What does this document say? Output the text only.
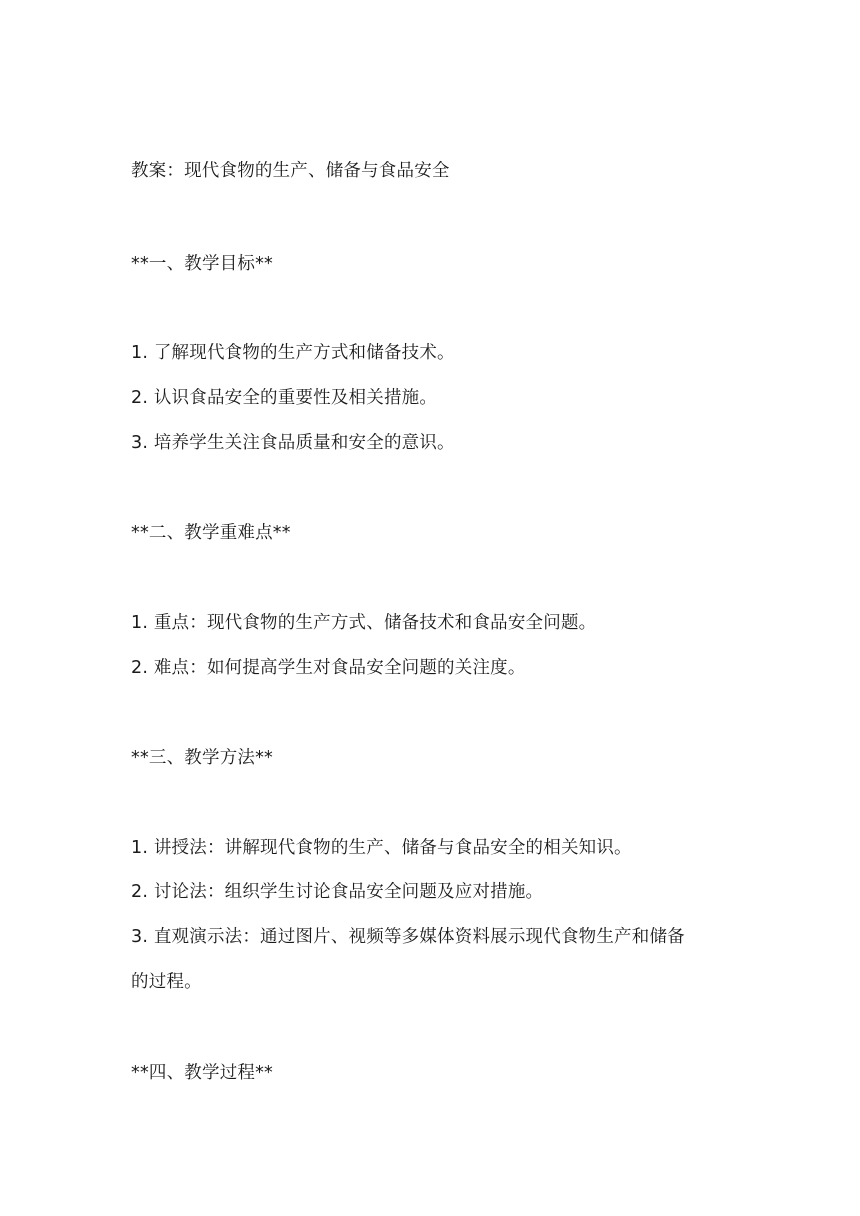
教案：现代食物的生产、储备与食品安全
**一、教学目标**
1. 了解现代食物的生产方式和储备技术。
2. 认识食品安全的重要性及相关措施。
3. 培养学生关注食品质量和安全的意识。
**二、教学重难点**
1. 重点：现代食物的生产方式、储备技术和食品安全问题。
2. 难点：如何提高学生对食品安全问题的关注度。
**三、教学方法**
1. 讲授法：讲解现代食物的生产、储备与食品安全的相关知识。
2. 讨论法：组织学生讨论食品安全问题及应对措施。
3. 直观演示法：通过图片、视频等多媒体资料展示现代食物生产和储备
的过程。
**四、教学过程**
